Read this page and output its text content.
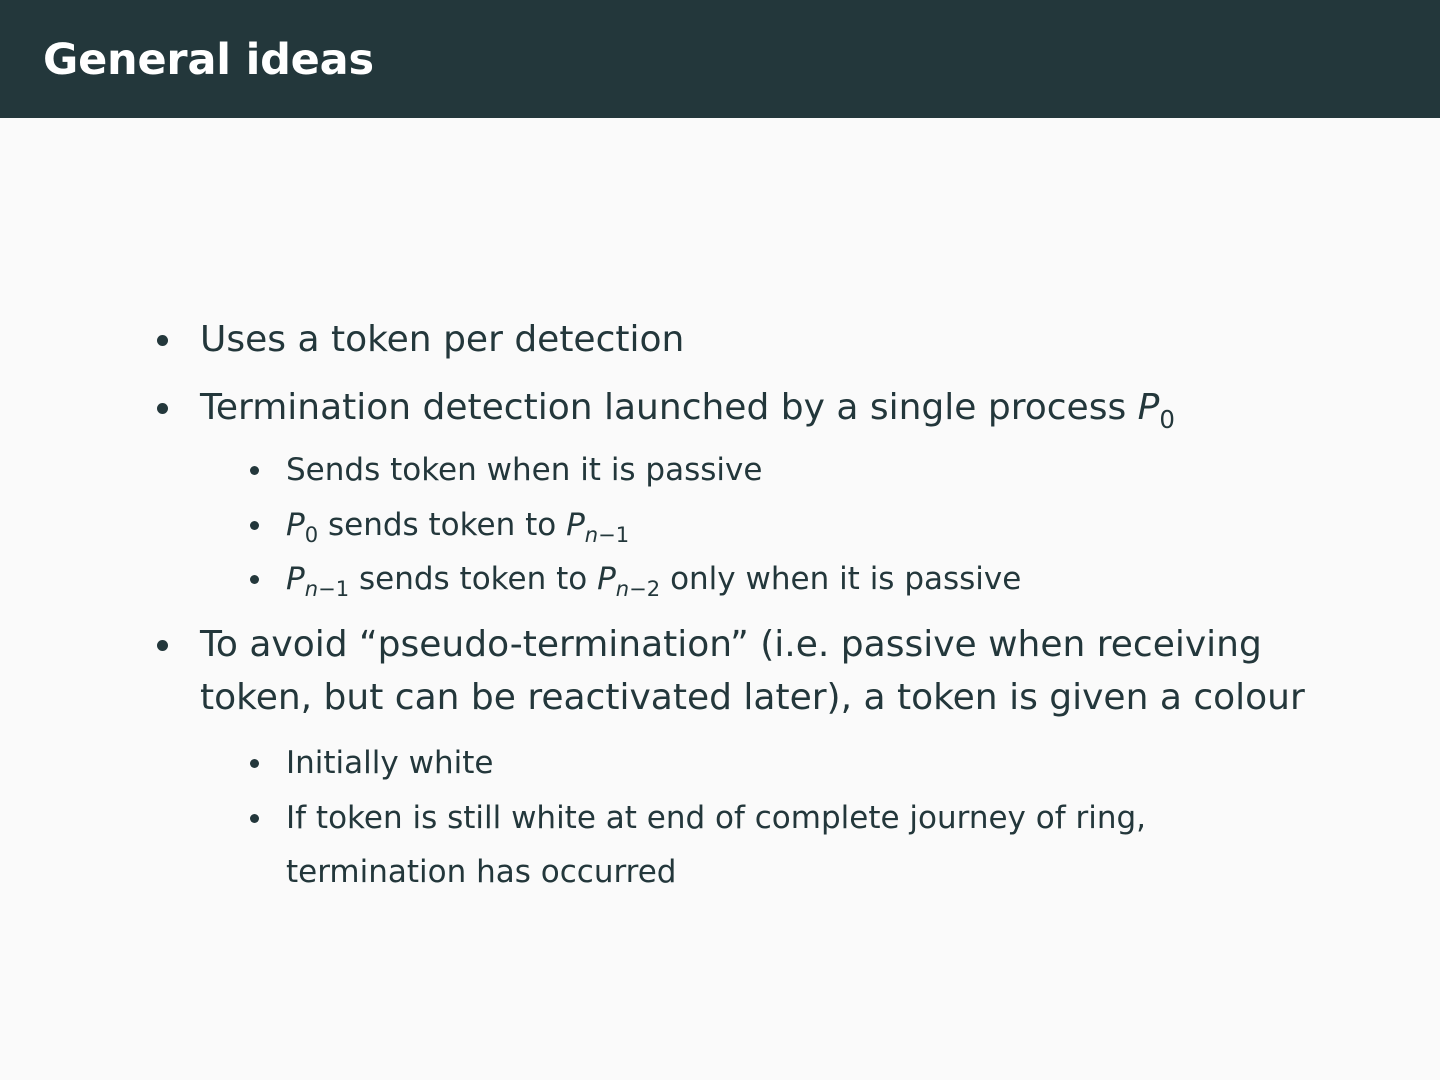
General ideas
Uses a token per detection
Termination detection launched by a single process $P_0$
Sends token when it is passive
$P_0$ sends token to $P_{n-1}$
$P_{n-1}$ sends token to $P_{n-2}$ only when it is passive
To avoid “pseudo-termination” (i.e. passive when receiving
token, but can be reactivated later), a token is given a colour
Initially white
If token is still white at end of complete journey of ring,
termination has occurred
